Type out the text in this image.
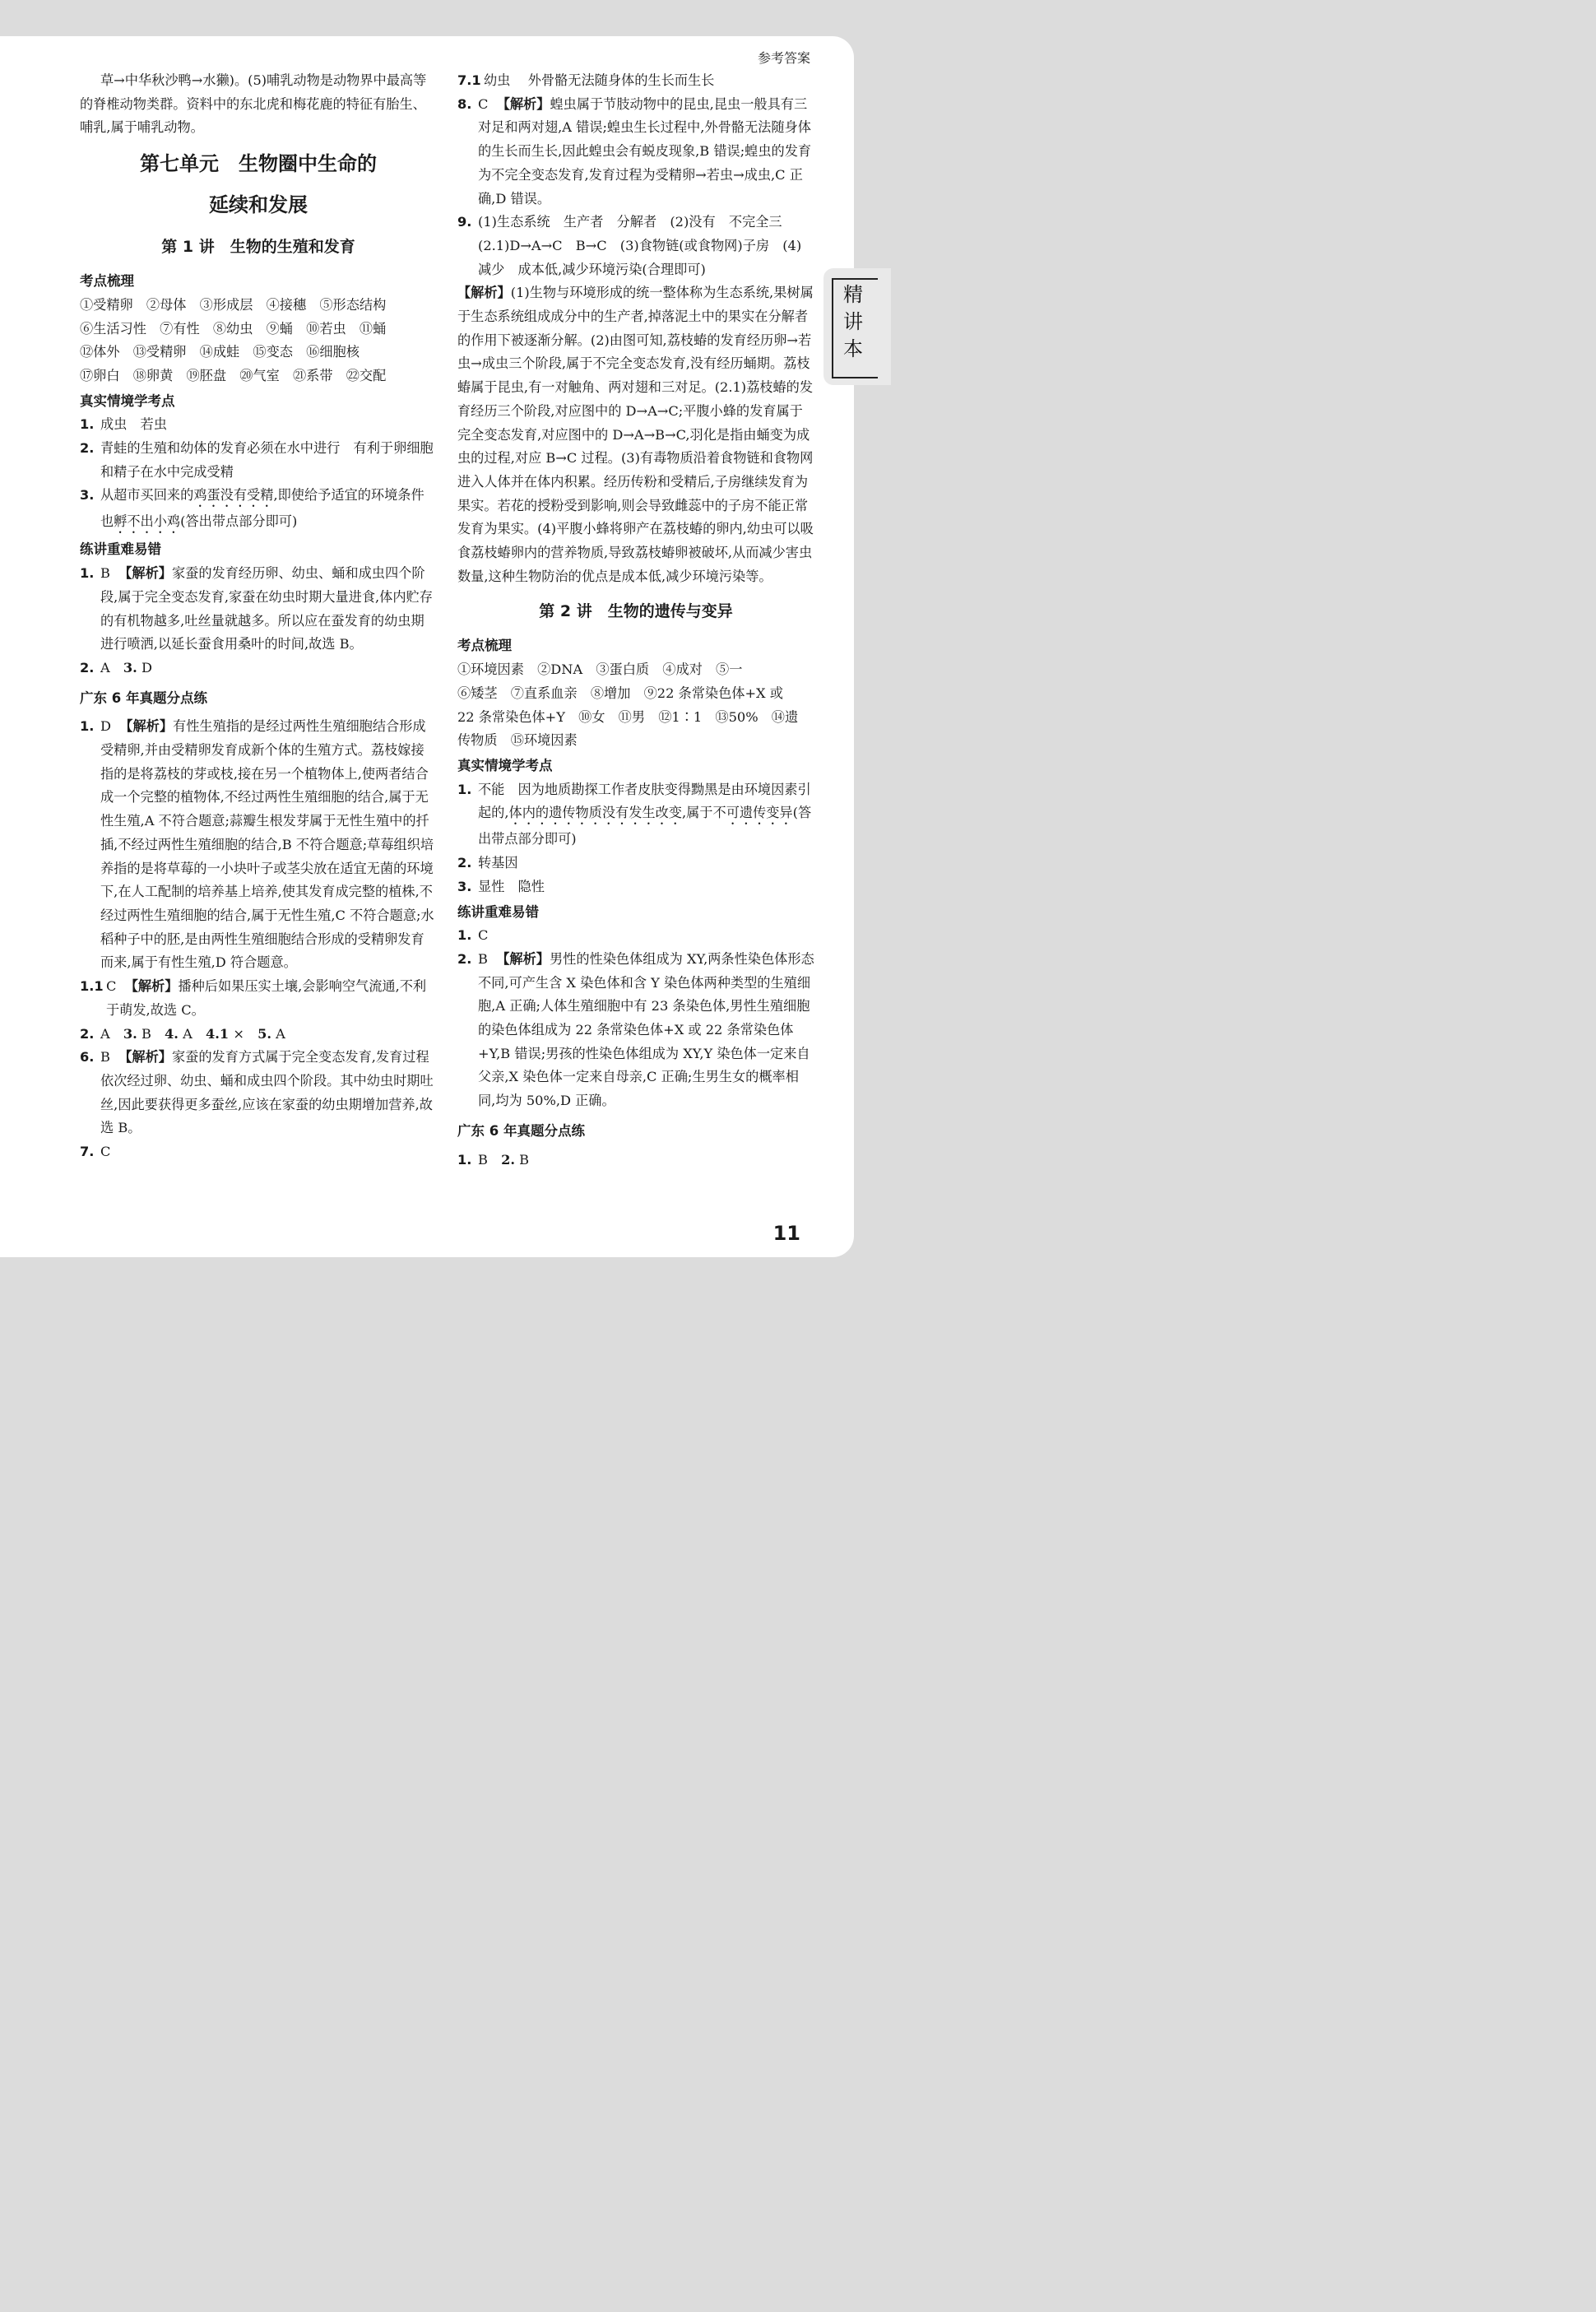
参考答案
精讲本
11

草→中华秋沙鸭→水獭)。(5)哺乳动物是动物界中最高等的脊椎动物类群。资料中的东北虎和梅花鹿的特征有胎生、哺乳,属于哺乳动物。

第七单元　生物圈中生命的
延续和发展
第 1 讲　生物的生殖和发育
考点梳理
①受精卵　②母体　③形成层　④接穗　⑤形态结构
⑥生活习性　⑦有性　⑧幼虫　⑨蛹　⑩若虫　⑪蛹
⑫体外　⑬受精卵　⑭成蛙　⑮变态　⑯细胞核
⑰卵白　⑱卵黄　⑲胚盘　⑳气室　㉑系带　㉒交配
真实情境学考点
1. 成虫　若虫
2. 青蛙的生殖和幼体的发育必须在水中进行　有利于卵细胞和精子在水中完成受精
3. 从超市买回来的鸡蛋没有受精,即使给予适宜的环境条件也孵不出小鸡(答出带点部分即可)
练讲重难易错
1. B 【解析】家蚕的发育经历卵、幼虫、蛹和成虫四个阶段,属于完全变态发育,家蚕在幼虫时期大量进食,体内贮存的有机物越多,吐丝量就越多。所以应在蚕发育的幼虫期进行喷洒,以延长蚕食用桑叶的时间,故选 B。
2. A　3. D
广东 6 年真题分点练
1. D 【解析】有性生殖指的是经过两性生殖细胞结合形成受精卵,并由受精卵发育成新个体的生殖方式。荔枝嫁接指的是将荔枝的芽或枝,接在另一个植物体上,使两者结合成一个完整的植物体,不经过两性生殖细胞的结合,属于无性生殖,A 不符合题意;蒜瓣生根发芽属于无性生殖中的扦插,不经过两性生殖细胞的结合,B 不符合题意;草莓组织培养指的是将草莓的一小块叶子或茎尖放在适宜无菌的环境下,在人工配制的培养基上培养,使其发育成完整的植株,不经过两性生殖细胞的结合,属于无性生殖,C 不符合题意;水稻种子中的胚,是由两性生殖细胞结合形成的受精卵发育而来,属于有性生殖,D 符合题意。
1.1 C 【解析】播种后如果压实土壤,会影响空气流通,不利于萌发,故选 C。
2. A　3. B　4. A　4.1 ×　5. A
6. B 【解析】家蚕的发育方式属于完全变态发育,发育过程依次经过卵、幼虫、蛹和成虫四个阶段。其中幼虫时期吐丝,因此要获得更多蚕丝,应该在家蚕的幼虫期增加营养,故选 B。
7. C
7.1 幼虫　 外骨骼无法随身体的生长而生长
8. C 【解析】蝗虫属于节肢动物中的昆虫,昆虫一般具有三对足和两对翅,A 错误;蝗虫生长过程中,外骨骼无法随身体的生长而生长,因此蝗虫会有蜕皮现象,B 错误;蝗虫的发育为不完全变态发育,发育过程为受精卵→若虫→成虫,C 正确,D 错误。
9. (1)生态系统　生产者　分解者　(2)没有　不完全三　(2.1)D→A→C　B→C　(3)食物链(或食物网)子房　(4)减少　成本低,减少环境污染(合理即可)
【解析】(1)生物与环境形成的统一整体称为生态系统,果树属于生态系统组成成分中的生产者,掉落泥土中的果实在分解者的作用下被逐渐分解。(2)由图可知,荔枝蝽的发育经历卵→若虫→成虫三个阶段,属于不完全变态发育,没有经历蛹期。荔枝蝽属于昆虫,有一对触角、两对翅和三对足。(2.1)荔枝蝽的发育经历三个阶段,对应图中的 D→A→C;平腹小蜂的发育属于完全变态发育,对应图中的 D→A→B→C,羽化是指由蛹变为成虫的过程,对应 B→C 过程。(3)有毒物质沿着食物链和食物网进入人体并在体内积累。经历传粉和受精后,子房继续发育为果实。若花的授粉受到影响,则会导致雌蕊中的子房不能正常发育为果实。(4)平腹小蜂将卵产在荔枝蝽的卵内,幼虫可以吸食荔枝蝽卵内的营养物质,导致荔枝蝽卵被破坏,从而减少害虫数量,这种生物防治的优点是成本低,减少环境污染等。
第 2 讲　生物的遗传与变异
考点梳理
①环境因素　②DNA　③蛋白质　④成对　⑤一
⑥矮茎　⑦直系血亲　⑧增加　⑨22 条常染色体+X 或
22 条常染色体+Y　⑩女　⑪男　⑫1∶1　⑬50%　⑭遗
传物质　⑮环境因素
真实情境学考点
1. 不能　因为地质勘探工作者皮肤变得黝黑是由环境因素引起的,体内的遗传物质没有发生改变,属于不可遗传变异(答出带点部分即可)
2. 转基因
3. 显性　隐性
练讲重难易错
1. C
2. B 【解析】男性的性染色体组成为 XY,两条性染色体形态不同,可产生含 X 染色体和含 Y 染色体两种类型的生殖细胞,A 正确;人体生殖细胞中有 23 条染色体,男性生殖细胞的染色体组成为 22 条常染色体+X 或 22 条常染色体+Y,B 错误;男孩的性染色体组成为 XY,Y 染色体一定来自父亲,X 染色体一定来自母亲,C 正确;生男生女的概率相同,均为 50%,D 正确。
广东 6 年真题分点练
1. B　2. B
